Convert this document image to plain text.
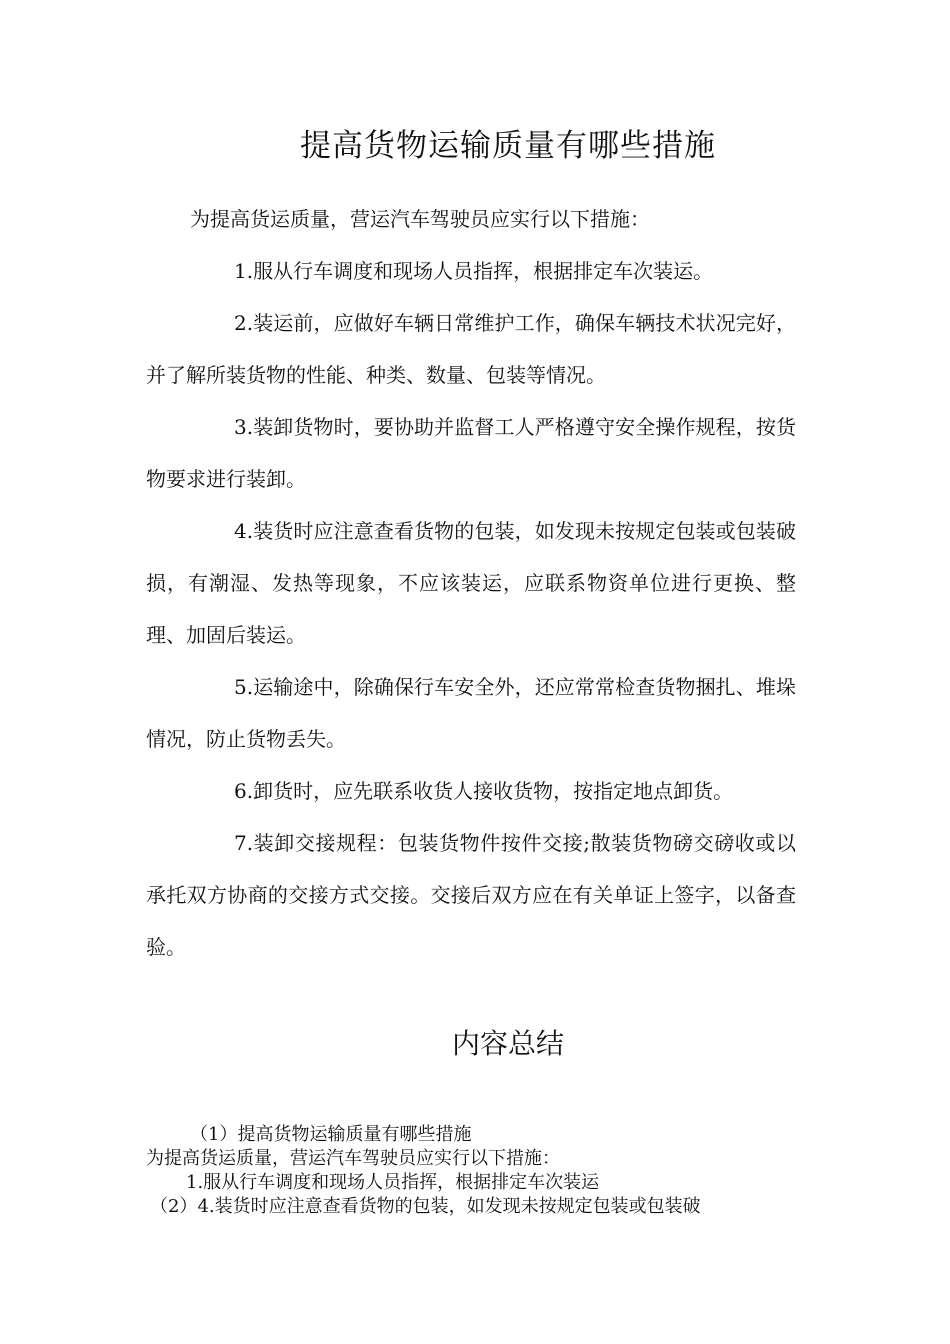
提高货物运输质量有哪些措施

为提高货运质量，营运汽车驾驶员应实行以下措施：

1.服从行车调度和现场人员指挥，根据排定车次装运。

2.装运前，应做好车辆日常维护工作，确保车辆技术状况完好，并了解所装货物的性能、种类、数量、包装等情况。

3.装卸货物时，要协助并监督工人严格遵守安全操作规程，按货物要求进行装卸。

4.装货时应注意查看货物的包装，如发现未按规定包装或包装破损，有潮湿、发热等现象，不应该装运，应联系物资单位进行更换、整理、加固后装运。

5.运输途中，除确保行车安全外，还应常常检查货物捆扎、堆垛情况，防止货物丢失。

6.卸货时，应先联系收货人接收货物，按指定地点卸货。

7.装卸交接规程：包装货物件按件交接;散装货物磅交磅收或以承托双方协商的交接方式交接。交接后双方应在有关单证上签字，以备查验。

内容总结
（1）提高货物运输质量有哪些措施
为提高货运质量，营运汽车驾驶员应实行以下措施：
1.服从行车调度和现场人员指挥，根据排定车次装运
（2）4.装货时应注意查看货物的包装，如发现未按规定包装或包装破
